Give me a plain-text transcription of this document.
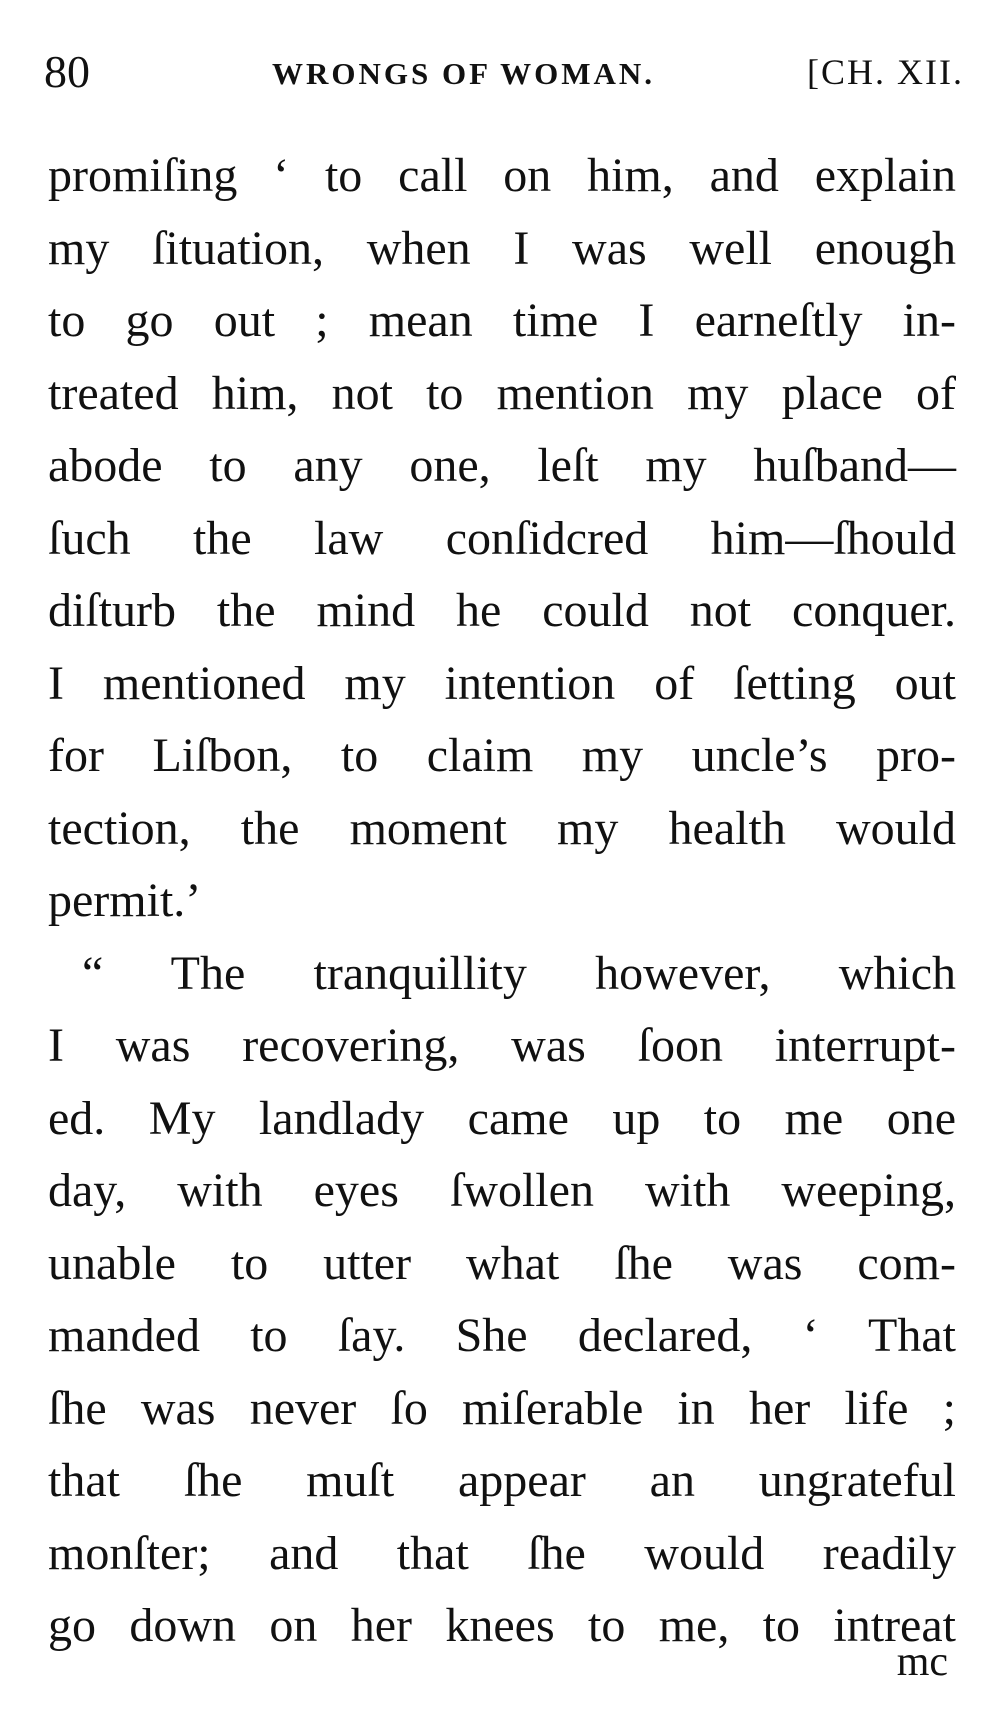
80	WRONGS OF WOMAN.	[CH. XII.
promiſing ‘ to call on him, and explain
my ſituation, when I was well enough
to go out ; mean time I earneſtly in-
treated him, not to mention my place of
abode to any one, leſt my huſband—
ſuch the law conſidcred him—ſhould
diſturb the mind he could not conquer.
I mentioned my intention of ſetting out
for Liſbon, to claim my uncle’s pro-
tection, the moment my health would
permit.’
“ The tranquillity however, which
I was recovering, was ſoon interrupt-
ed. My landlady came up to me one
day, with eyes ſwollen with weeping,
unable to utter what ſhe was com-
manded to ſay. She declared, ‘ That
ſhe was never ſo miſerable in her life ;
that ſhe muſt appear an ungrateful
monſter; and that ſhe would readily
go down on her knees to me, to intreat
mc
